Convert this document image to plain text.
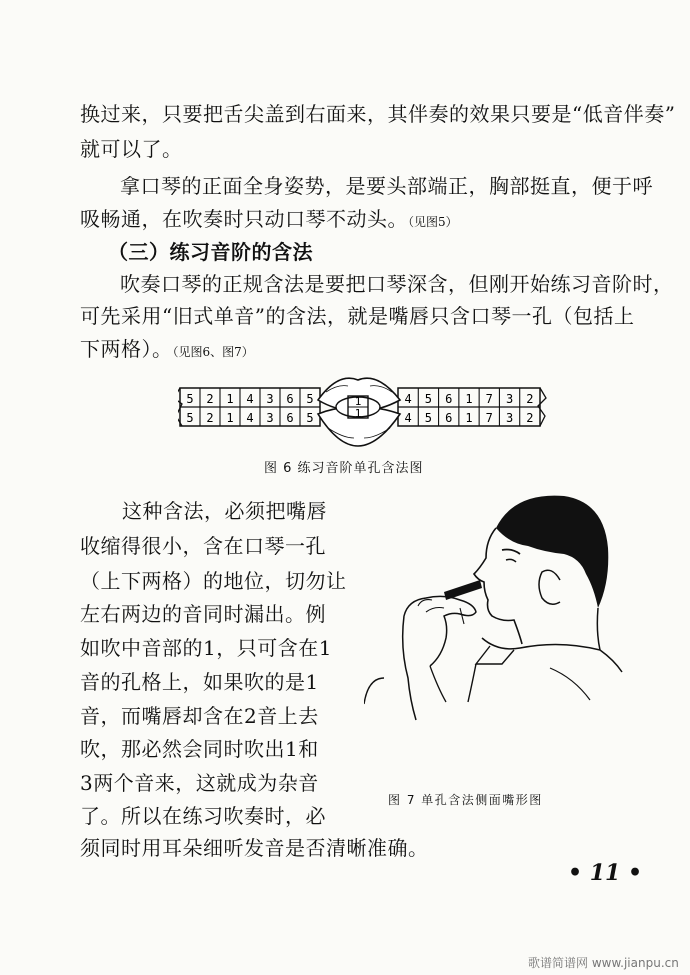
换过来，只要把舌尖盖到右面来，其伴奏的效果只要是“低音伴奏”
就可以了。
拿口琴的正面全身姿势，是要头部端正，胸部挺直，便于呼
吸畅通，在吹奏时只动口琴不动头。（见图5）
（三）练习音阶的含法
吹奏口琴的正规含法是要把口琴深含，但刚开始练习音阶时，
可先采用“旧式单音”的含法，就是嘴唇只含口琴一孔（包括上
下两格）。（见图6、图7）
1
1
5 2 1 4 3 6 5
5 2 1 4 3 6 5
4 5 6 1 7 3 2
4 5 6 1 7 3 2
图 6 练习音阶单孔含法图
这种含法，必须把嘴唇
收缩得很小，含在口琴一孔
（上下两格）的地位，切勿让
左右两边的音同时漏出。例
如吹中音部的1，只可含在1
音的孔格上，如果吹的是1
音，而嘴唇却含在2音上去
吹，那必然会同时吹出1和
3两个音来，这就成为杂音
了。所以在练习吹奏时，必
须同时用耳朵细听发音是否清晰准确。
图 7 单孔含法侧面嘴形图
• 11 •
歌谱简谱网 www.jianpu.cn
